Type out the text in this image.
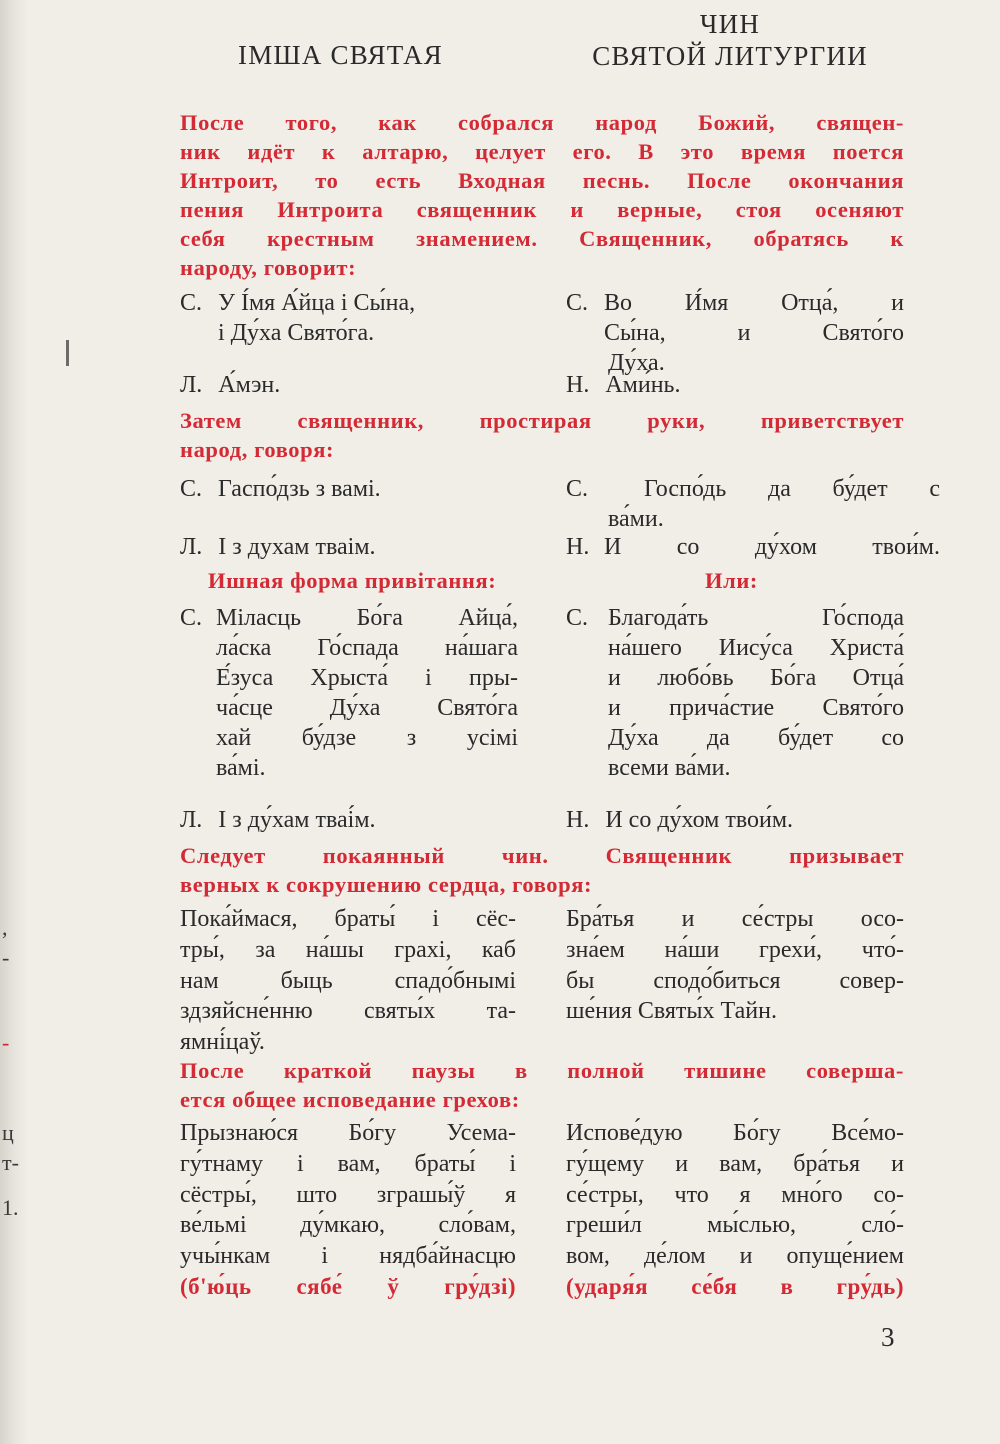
,
-
-
ц
т-
1.
ІМША СВЯТАЯ
ЧИН
СВЯТОЙ ЛИТУРГИИ
После того, как собрался народ Божий, священ-
ник идёт к алтарю, целует его. В это время поется
Интроит, то есть Входная песнь. После окончания
пения Интроита священник и верные, стоя осеняют
себя крестным знамением. Священник, обратясь к
народу, говорит:
С. У І́мя А́йца і Сы́на,
і Ду́ха Свято́га.
С. Во И́мя Отца́, и
Сы́на, и Свято́го
Ду́ха.
Л. А́мэн.	Н. Ами́нь.
Затем священник, простирая руки, приветствует
народ, говоря:
С. Гаспо́дзь з вамі.	С. Госпо́дь да бу́дет с
ва́ми.
Л. І з духам тваім.	Н. И со ду́хом твои́м.
Ишная форма привітання:	Или:
С. Міласць Бо́га Айца́,
ла́ска Го́спада на́шага
Е́зуса Хрыста́ і пры-
ча́сце Ду́ха Свято́га
хай бу́дзе з усімі
ва́мі.
С. Благода́ть Го́спода
на́шего Иису́са Христа́
и любо́вь Бо́га Отца́
и прича́стие Свято́го
Ду́ха да бу́дет со
всеми ва́ми.
Л. І з ду́хам тваі́м.	Н. И со ду́хом твои́м.
Следует покаянный чин. Священник призывает
верных к сокрушению сердца, говоря:
Пока́ймася, браты́ і сёс-
тры́, за на́шы грахі, каб
нам быць спадо́бнымі
здзяйсне́нню святы́х та-
ямні́цаў.
Бра́тья и се́стры осо-
зна́ем на́ши грехи́, что́-
бы сподо́биться совер-
ше́ния Святы́х Тайн.
После краткой паузы в полной тишине соверша-
ется общее исповедание грехов:
Прызнаю́ся Бо́гу Усема-
гу́тнаму і вам, браты́ і
сёстры́, што зграшы́ў я
ве́льмі ду́мкаю, сло́вам,
учы́нкам і нядба́йнасцю
(б'ю́ць сябе́ ў гру́дзі)
Испове́дую Бо́гу Все́мо-
гу́щему и вам, бра́тья и
се́стры, что я мно́го со-
греши́л мы́слью, сло́-
вом, де́лом и опуще́нием
(ударя́я се́бя в гру́дь)
3
